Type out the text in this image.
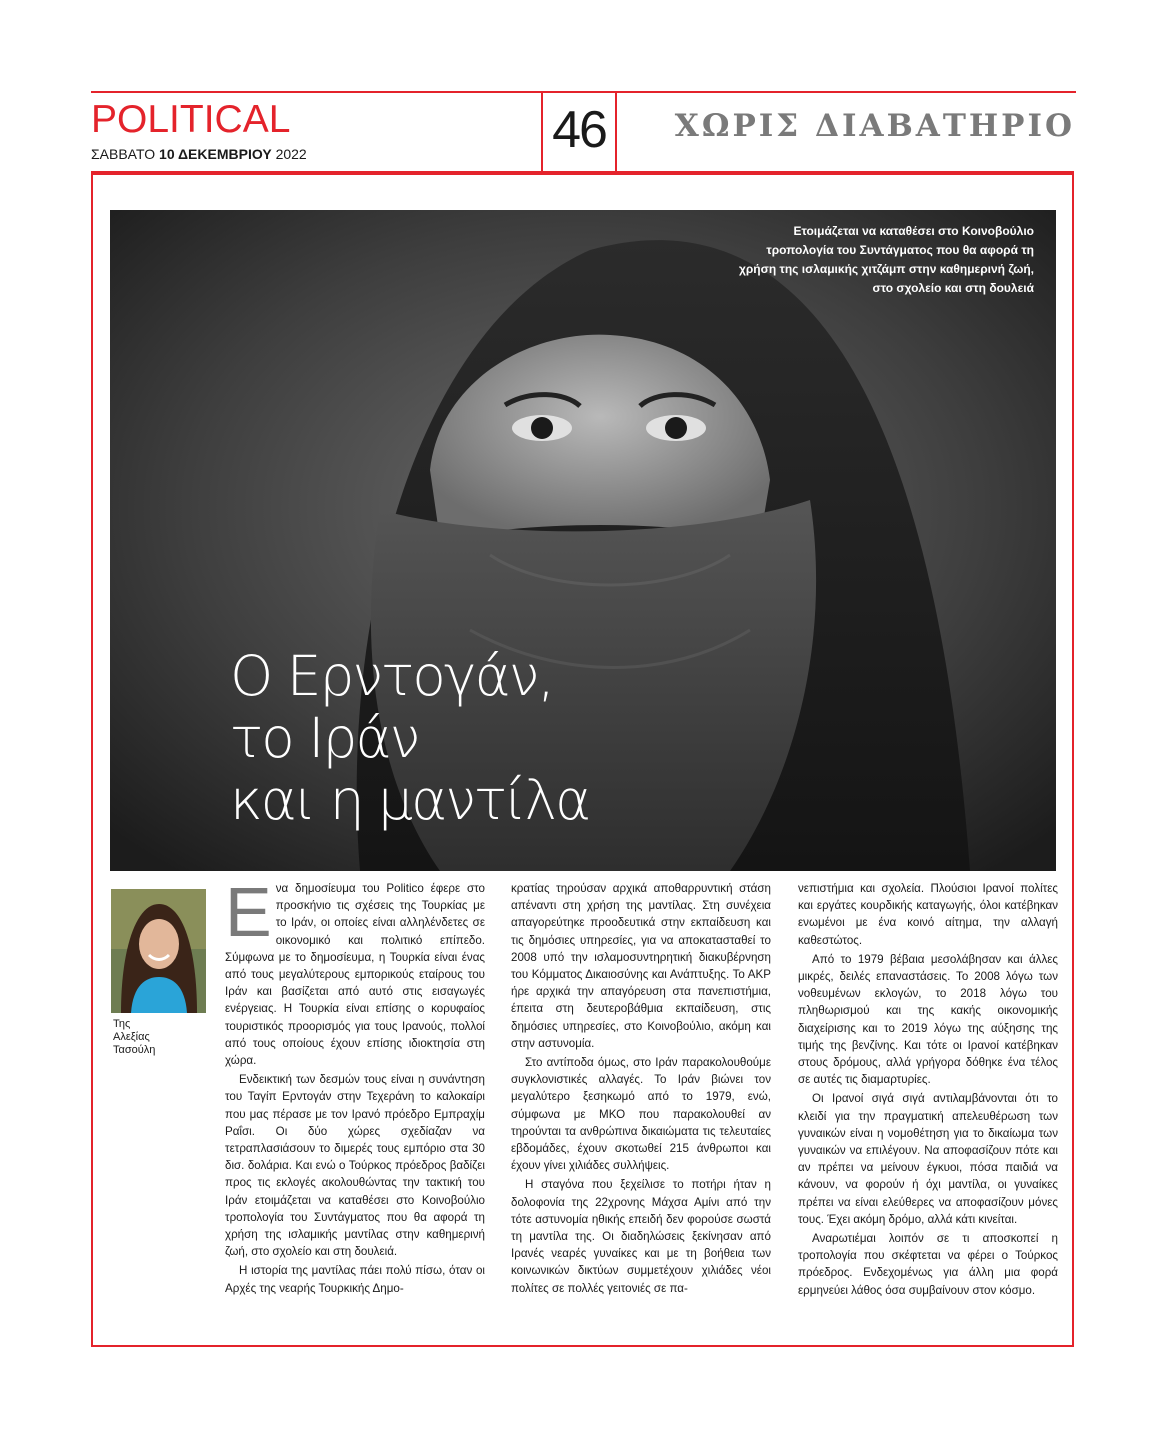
POLITICAL
ΣΑΒΒΑΤΟ 10 ΔΕΚΕΜΒΡΙΟΥ 2022	46	ΧΩΡΙΣ ΔΙΑΒΑΤΗΡΙΟ
Ετοιμάζεται να καταθέσει στο Κοινοβούλιο τροπολογία του Συντάγματος που θα αφορά τη χρήση της ισλαμικής χιτζάμπ στην καθημερινή ζωή, στο σχολείο και στη δουλειά
Ο Ερντογάν,
το Ιράν
και η μαντίλα
Της
Αλεξίας
Τασούλη
Ε να δημοσίευμα του Politico έφερε στο προσκήνιο τις σχέσεις της Τουρκίας με το Ιράν, οι οποίες είναι αλληλένδετες σε οικονομικό και πολιτικό επίπεδο. Σύμφωνα με το δημοσίευμα, η Τουρκία είναι ένας από τους μεγαλύτερους εμπορικούς εταίρους του Ιράν και βασίζεται από αυτό στις εισαγωγές ενέργειας. Η Τουρκία είναι επίσης ο κορυφαίος τουριστικός προορισμός για τους Ιρανούς, πολλοί από τους οποίους έχουν επίσης ιδιοκτησία στη χώρα.

Ενδεικτική των δεσμών τους είναι η συνάντηση του Ταγίπ Ερντογάν στην Τεχεράνη το καλοκαίρι που μας πέρασε με τον Ιρανό πρόεδρο Εμπραχίμ Ραΐσι. Οι δύο χώρες σχεδίαζαν να τετραπλασιάσουν το διμερές τους εμπόριο στα 30 δισ. δολάρια. Και ενώ ο Τούρκος πρόεδρος βαδίζει προς τις εκλογές ακολουθώντας την τακτική του Ιράν ετοιμάζεται να καταθέσει στο Κοινοβούλιο τροπολογία του Συντάγματος που θα αφορά τη χρήση της ισλαμικής μαντίλας στην καθημερινή ζωή, στο σχολείο και στη δουλειά.

Η ιστορία της μαντίλας πάει πολύ πίσω, όταν οι Αρχές της νεαρής Τουρκικής Δημο-

κρατίας τηρούσαν αρχικά αποθαρρυντική στάση απέναντι στη χρήση της μαντίλας. Στη συνέχεια απαγορεύτηκε προοδευτικά στην εκπαίδευση και τις δημόσιες υπηρεσίες, για να αποκατασταθεί το 2008 υπό την ισλαμοσυντηρητική διακυβέρνηση του Κόμματος Δικαιοσύνης και Ανάπτυξης. Το ΑΚΡ ήρε αρχικά την απαγόρευση στα πανεπιστήμια, έπειτα στη δευτεροβάθμια εκπαίδευση, στις δημόσιες υπηρεσίες, στο Κοινοβούλιο, ακόμη και στην αστυνομία.

Στο αντίποδα όμως, στο Ιράν παρακολουθούμε συγκλονιστικές αλλαγές. Το Ιράν βιώνει τον μεγαλύτερο ξεσηκωμό από το 1979, ενώ, σύμφωνα με ΜΚΟ που παρακολουθεί αν τηρούνται τα ανθρώπινα δικαιώματα τις τελευταίες εβδομάδες, έχουν σκοτωθεί 215 άνθρωποι και έχουν γίνει χιλιάδες συλλήψεις.

Η σταγόνα που ξεχείλισε το ποτήρι ήταν η δολοφονία της 22χρονης Μάχσα Αμίνι από την τότε αστυνομία ηθικής επειδή δεν φορούσε σωστά τη μαντίλα της. Οι διαδηλώσεις ξεκίνησαν από Ιρανές νεαρές γυναίκες και με τη βοήθεια των κοινωνικών δικτύων συμμετέχουν χιλιάδες νέοι πολίτες σε πολλές γειτονιές σε πα-

νεπιστήμια και σχολεία. Πλούσιοι Ιρανοί πολίτες και εργάτες κουρδικής καταγωγής, όλοι κατέβηκαν ενωμένοι με ένα κοινό αίτημα, την αλλαγή καθεστώτος.

Από το 1979 βέβαια μεσολάβησαν και άλλες μικρές, δειλές επαναστάσεις. Το 2008 λόγω των νοθευμένων εκλογών, το 2018 λόγω του πληθωρισμού και της κακής οικονομικής διαχείρισης και το 2019 λόγω της αύξησης της τιμής της βενζίνης. Και τότε οι Ιρανοί κατέβηκαν στους δρόμους, αλλά γρήγορα δόθηκε ένα τέλος σε αυτές τις διαμαρτυρίες.

Οι Ιρανοί σιγά σιγά αντιλαμβάνονται ότι το κλειδί για την πραγματική απελευθέρωση των γυναικών είναι η νομοθέτηση για το δικαίωμα των γυναικών να επιλέγουν. Να αποφασίζουν πότε και αν πρέπει να μείνουν έγκυοι, πόσα παιδιά να κάνουν, να φορούν ή όχι μαντίλα, οι γυναίκες πρέπει να είναι ελεύθερες να αποφασίζουν μόνες τους. Έχει ακόμη δρόμο, αλλά κάτι κινείται.

Αναρωτιέμαι λοιπόν σε τι αποσκοπεί η τροπολογία που σκέφτεται να φέρει ο Τούρκος πρόεδρος. Ενδεχομένως για άλλη μια φορά ερμηνεύει λάθος όσα συμβαίνουν στον κόσμο.
